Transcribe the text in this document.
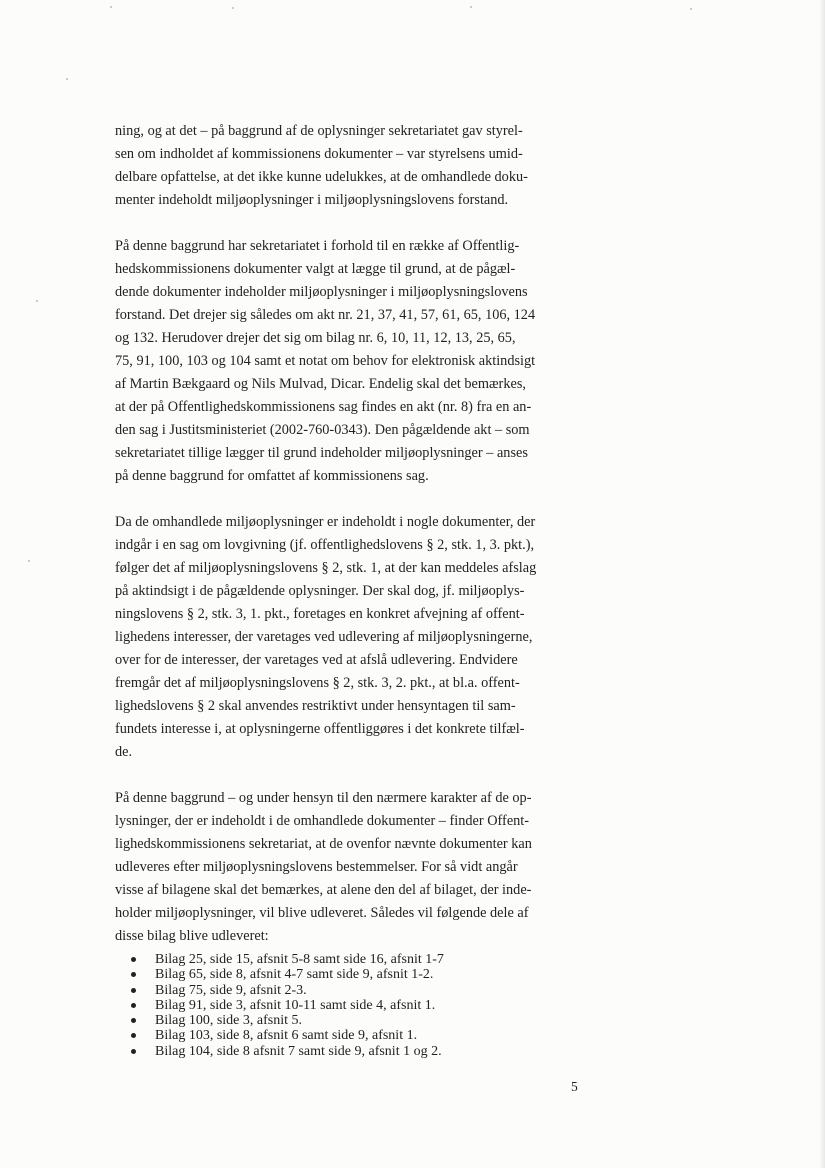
ning, og at det – på baggrund af de oplysninger sekretariatet gav styrel-
sen om indholdet af kommissionens dokumenter – var styrelsens umid-
delbare opfattelse, at det ikke kunne udelukkes, at de omhandlede doku-
menter indeholdt miljøoplysninger i miljøoplysningslovens forstand.

På denne baggrund har sekretariatet i forhold til en række af Offentlig-
hedskommissionens dokumenter valgt at lægge til grund, at de pågæl-
dende dokumenter indeholder miljøoplysninger i miljøoplysningslovens
forstand. Det drejer sig således om akt nr. 21, 37, 41, 57, 61, 65, 106, 124
og 132. Herudover drejer det sig om bilag nr. 6, 10, 11, 12, 13, 25, 65,
75, 91, 100, 103 og 104 samt et notat om behov for elektronisk aktindsigt
af Martin Bækgaard og Nils Mulvad, Dicar. Endelig skal det bemærkes,
at der på Offentlighedskommissionens sag findes en akt (nr. 8) fra en an-
den sag i Justitsministeriet (2002-760-0343). Den pågældende akt – som
sekretariatet tillige lægger til grund indeholder miljøoplysninger – anses
på denne baggrund for omfattet af kommissionens sag.

Da de omhandlede miljøoplysninger er indeholdt i nogle dokumenter, der
indgår i en sag om lovgivning (jf. offentlighedslovens § 2, stk. 1, 3. pkt.),
følger det af miljøoplysningslovens § 2, stk. 1, at der kan meddeles afslag
på aktindsigt i de pågældende oplysninger. Der skal dog, jf. miljøoplys-
ningslovens § 2, stk. 3, 1. pkt., foretages en konkret afvejning af offent-
lighedens interesser, der varetages ved udlevering af miljøoplysningerne,
over for de interesser, der varetages ved at afslå udlevering. Endvidere
fremgår det af miljøoplysningslovens § 2, stk. 3, 2. pkt., at bl.a. offent-
lighedslovens § 2 skal anvendes restriktivt under hensyntagen til sam-
fundets interesse i, at oplysningerne offentliggøres i det konkrete tilfæl-
de.

På denne baggrund – og under hensyn til den nærmere karakter af de op-
lysninger, der er indeholdt i de omhandlede dokumenter – finder Offent-
lighedskommissionens sekretariat, at de ovenfor nævnte dokumenter kan
udleveres efter miljøoplysningslovens bestemmelser. For så vidt angår
visse af bilagene skal det bemærkes, at alene den del af bilaget, der inde-
holder miljøoplysninger, vil blive udleveret. Således vil følgende dele af
disse bilag blive udleveret:

Bilag 25, side 15, afsnit 5-8 samt side 16, afsnit 1-7
Bilag 65, side 8, afsnit 4-7 samt side 9, afsnit 1-2.
Bilag 75, side 9, afsnit 2-3.
Bilag 91, side 3, afsnit 10-11 samt side 4, afsnit 1.
Bilag 100, side 3, afsnit 5.
Bilag 103, side 8, afsnit 6 samt side 9, afsnit 1.
Bilag 104, side 8 afsnit 7 samt side 9, afsnit 1 og 2.
5
